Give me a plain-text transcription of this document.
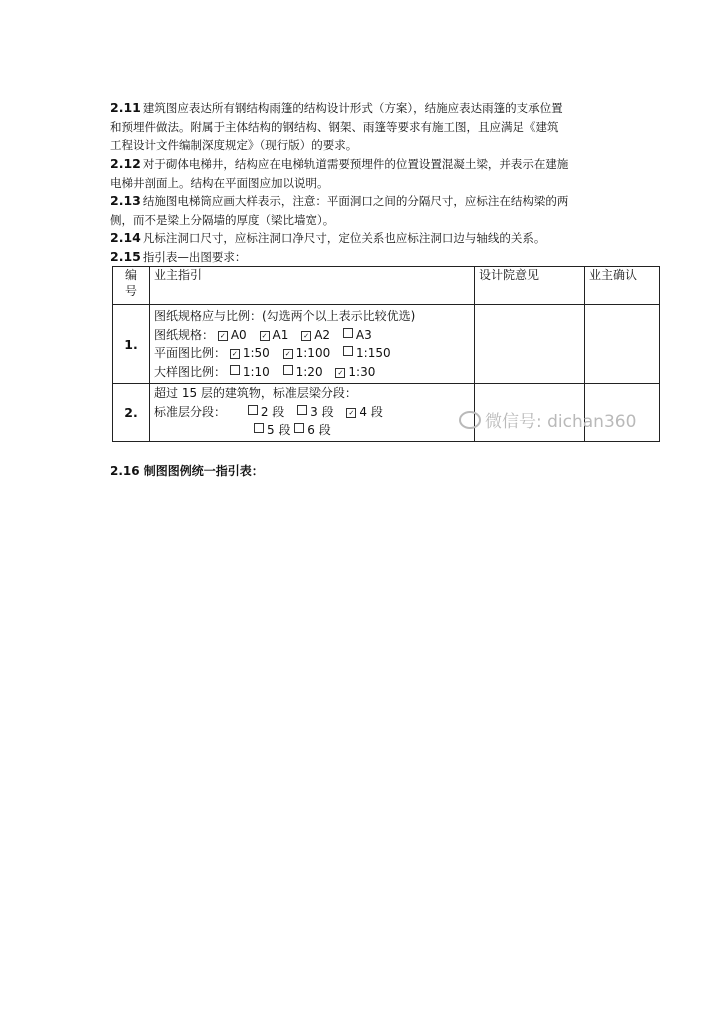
2.11 建筑图应表达所有钢结构雨篷的结构设计形式（方案），结施应表达雨篷的支承位置
和预埋件做法。附属于主体结构的钢结构、钢架、雨篷等要求有施工图，且应满足《建筑
工程设计文件编制深度规定》（现行版）的要求。
2.12 对于砌体电梯井，结构应在电梯轨道需要预埋件的位置设置混凝土梁，并表示在建施
电梯井剖面上。结构在平面图应加以说明。
2.13 结施图电梯筒应画大样表示，注意：平面洞口之间的分隔尺寸，应标注在结构梁的两
侧，而不是梁上分隔墙的厚度（梁比墙宽）。
2.14 凡标注洞口尺寸，应标注洞口净尺寸，定位关系也应标注洞口边与轴线的关系。
2.15 指引表—出图要求：
编
号	业主指引	设计院意见	业主确认
1.	图纸规格应与比例：(勾选两个以上表示比较优选)
图纸规格： ✓ A0 ✓ A1 ✓ A2 A3
平面图比例： ✓ 1:50 ✓ 1:100 1:150
大样图比例： 1:10 1:20 ✓ 1:30		

2.	超过 15 层的建筑物，标准层梁分段：
标准层分段： 2 段 3 段 ✓ 4 段
5 段 6 段		
			微信号: dichan360
2.16 制图图例统一指引表：
